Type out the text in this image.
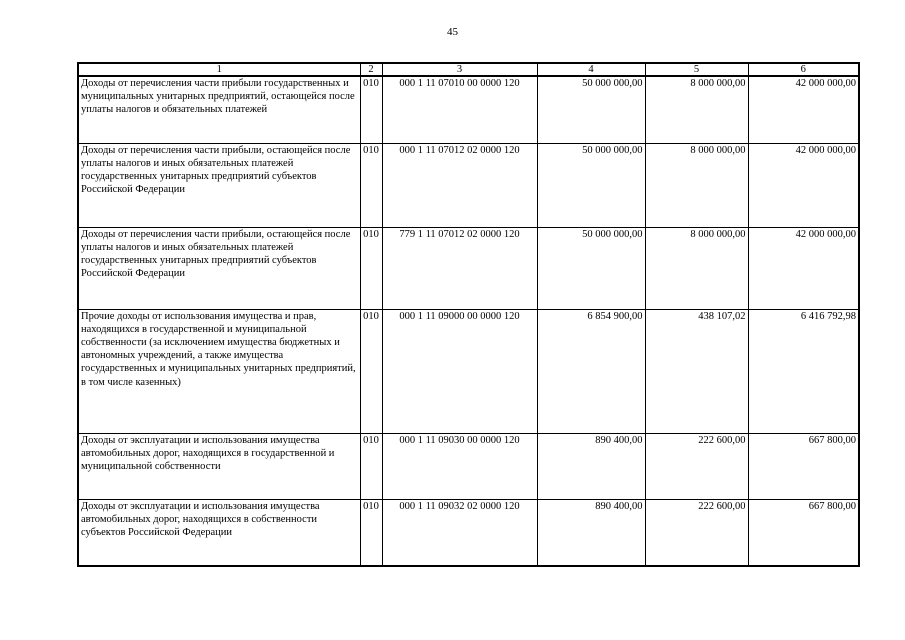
45
1	2	3	4	5	6
Доходы от перечисления части прибыли государственных и муниципальных унитарных предприятий, остающейся после уплаты налогов и обязательных платежей	010	000 1 11 07010 00 0000 120	50 000 000,00	8 000 000,00	42 000 000,00
Доходы от перечисления части прибыли, остающейся после уплаты налогов и иных обязательных платежей государственных унитарных предприятий субъектов Российской Федерации	010	000 1 11 07012 02 0000 120	50 000 000,00	8 000 000,00	42 000 000,00
Доходы от перечисления части прибыли, остающейся после уплаты налогов и иных обязательных платежей государственных унитарных предприятий субъектов Российской Федерации	010	779 1 11 07012 02 0000 120	50 000 000,00	8 000 000,00	42 000 000,00
Прочие доходы от использования имущества и прав, находящихся в государственной и муниципальной собственности (за исключением имущества бюджетных и автономных учреждений, а также имущества государственных и муниципальных унитарных предприятий, в том числе казенных)	010	000 1 11 09000 00 0000 120	6 854 900,00	438 107,02	6 416 792,98
Доходы от эксплуатации и использования имущества автомобильных дорог, находящихся в государственной и муниципальной собственности	010	000 1 11 09030 00 0000 120	890 400,00	222 600,00	667 800,00
Доходы от эксплуатации и использования имущества автомобильных дорог, находящихся в собственности субъектов Российской Федерации	010	000 1 11 09032 02 0000 120	890 400,00	222 600,00	667 800,00
